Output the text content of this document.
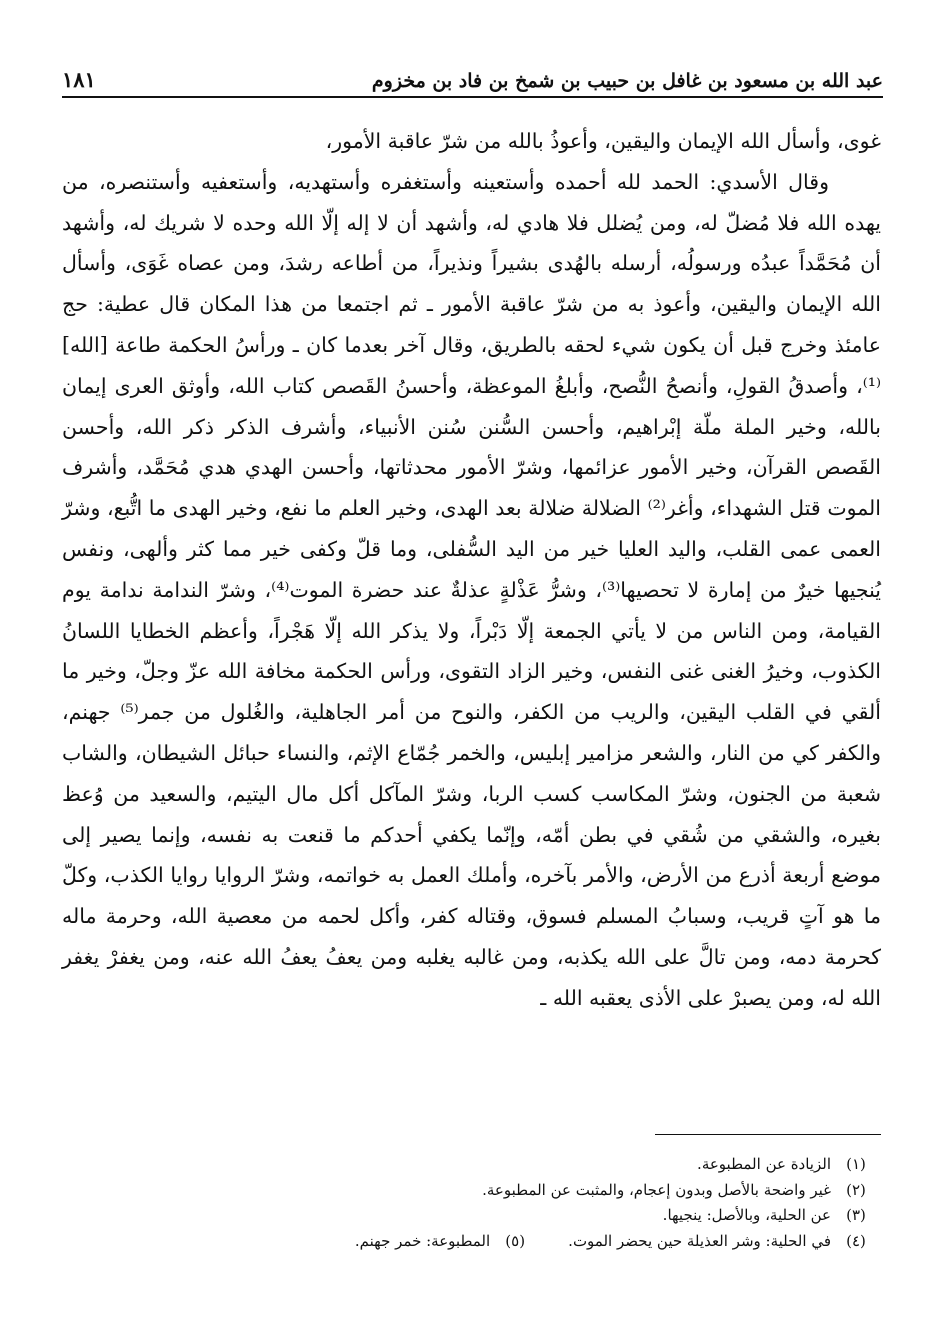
عبد الله بن مسعود بن غافل بن حبيب بن شمخ بن فاد بن مخزوم
١٨١

غوى، وأسأل الله الإيمان واليقين، وأعوذُ بالله من شرّ عاقبة الأمور،

وقال الأسدي: الحمد لله أحمده وأستعينه وأستغفره وأستهديه، وأستعفيه وأستنصره، من يهده الله فلا مُضلّ له، ومن يُضلل فلا هادي له، وأشهد أن لا إله إلّا الله وحده لا شريك له، وأشهد أن مُحَمَّداً عبدُه ورسولُه، أرسله بالهُدى بشيراً ونذيراً، من أطاعه رشدَ، ومن عصاه غَوَى، وأسأل الله الإيمان واليقين، وأعوذ به من شرّ عاقبة الأمور ـ ثم اجتمعا من هذا المكان قال عطية: حج عامئذ وخرج قبل أن يكون شيء لحقه بالطريق، وقال آخر بعدما كان ـ ورأسُ الحكمة طاعة [الله]⁽¹⁾، وأصدقُ القولِ، وأنصحُ النُّصح، وأبلغُ الموعظة، وأحسنُ القَصص كتاب الله، وأوثق العرى إيمان بالله، وخير الملة ملّة إبْراهيم، وأحسن السُّنن سُنن الأنبياء، وأشرف الذكر ذكر الله، وأحسن القَصص القرآن، وخير الأمور عزائمها، وشرّ الأمور محدثاتها، وأحسن الهدي هدي مُحَمَّد، وأشرف الموت قتل الشهداء، وأغر⁽²⁾ الضلالة ضلالة بعد الهدى، وخير العلم ما نفع، وخير الهدى ما اتُّبع، وشرّ العمى عمى القلب، واليد العليا خير من اليد السُّفلى، وما قلّ وكفى خير مما كثر وألهى، ونفس يُنجيها خيرٌ من إمارة لا تحصيها⁽³⁾، وشرُّ عَذْلةٍ عذلةٌ عند حضرة الموت⁽⁴⁾، وشرّ الندامة ندامة يوم القيامة، ومن الناس من لا يأتي الجمعة إلّا دَبْراً، ولا يذكر الله إلّا هَجْراً، وأعظم الخطايا اللسانُ الكذوب، وخيرُ الغنى غنى النفس، وخير الزاد التقوى، ورأس الحكمة مخافة الله عزّ وجلّ، وخير ما ألقي في القلب اليقين، والريب من الكفر، والنوح من أمر الجاهلية، والغُلول من جمر⁽⁵⁾ جهنم، والكفر كي من النار، والشعر مزامير إبليس، والخمر جُمّاع الإثم، والنساء حبائل الشيطان، والشاب شعبة من الجنون، وشرّ المكاسب كسب الربا، وشرّ المآكل أكل مال اليتيم، والسعيد من وُعظ بغيره، والشقي من شُقي في بطن أمّه، وإنّما يكفي أحدكم ما قنعت به نفسه، وإنما يصير إلى موضع أربعة أذرع من الأرض، والأمر بآخره، وأملك العمل به خواتمه، وشرّ الروايا روايا الكذب، وكلّ ما هو آتٍ قريب، وسبابُ المسلم فسوق، وقتاله كفر، وأكل لحمه من معصية الله، وحرمة ماله كحرمة دمه، ومن تالَّ على الله يكذبه، ومن غالبه يغلبه ومن يعفُ يعفُ الله عنه، ومن يغفرْ يغفر الله له، ومن يصبرْ على الأذى يعقبه الله ـ

(١)
الزيادة عن المطبوعة.
(٢)
غير واضحة بالأصل وبدون إعجام، والمثبت عن المطبوعة.
(٣)
عن الحلية، وبالأصل: ينجيها.
(٤)
في الحلية: وشر العذيلة حين يحضر الموت.
(٥)
المطبوعة: خمر جهنم.
